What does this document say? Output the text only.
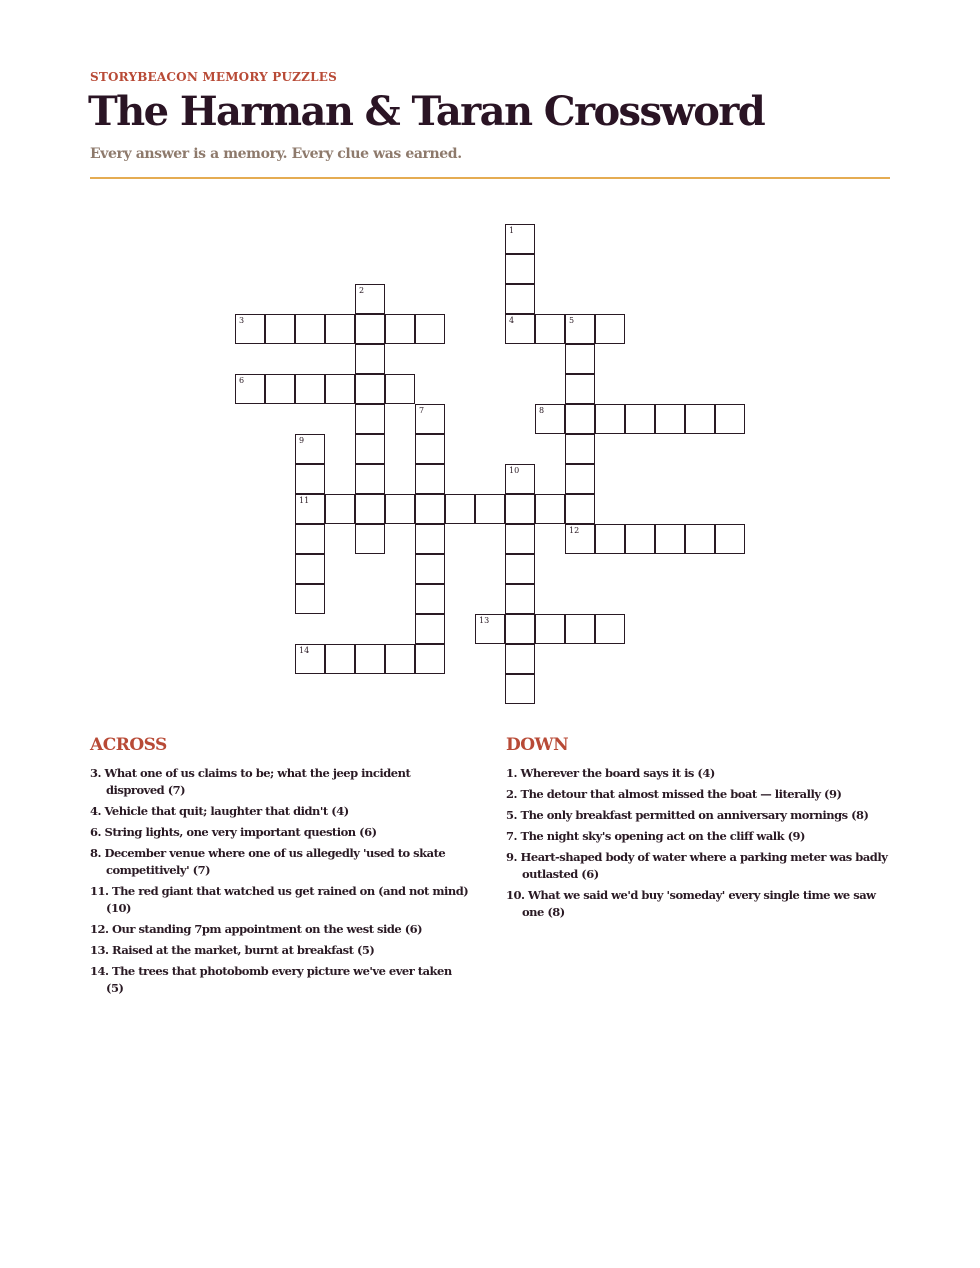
STORYBEACON MEMORY PUZZLES
The Harman & Taran Crossword
Every answer is a memory. Every clue was earned.
3	4	5
6
8
11
12
13
14
1
2
7
9
10
ACROSS
3. What one of us claims to be; what the jeep incident disproved (7)
4. Vehicle that quit; laughter that didn't (4)
6. String lights, one very important question (6)
8. December venue where one of us allegedly 'used to skate competitively' (7)
11. The red giant that watched us get rained on (and not mind) (10)
12. Our standing 7pm appointment on the west side (6)
13. Raised at the market, burnt at breakfast (5)
14. The trees that photobomb every picture we've ever taken (5)
DOWN
1. Wherever the board says it is (4)
2. The detour that almost missed the boat — literally (9)
5. The only breakfast permitted on anniversary mornings (8)
7. The night sky's opening act on the cliff walk (9)
9. Heart-shaped body of water where a parking meter was badly outlasted (6)
10. What we said we'd buy 'someday' every single time we saw one (8)
